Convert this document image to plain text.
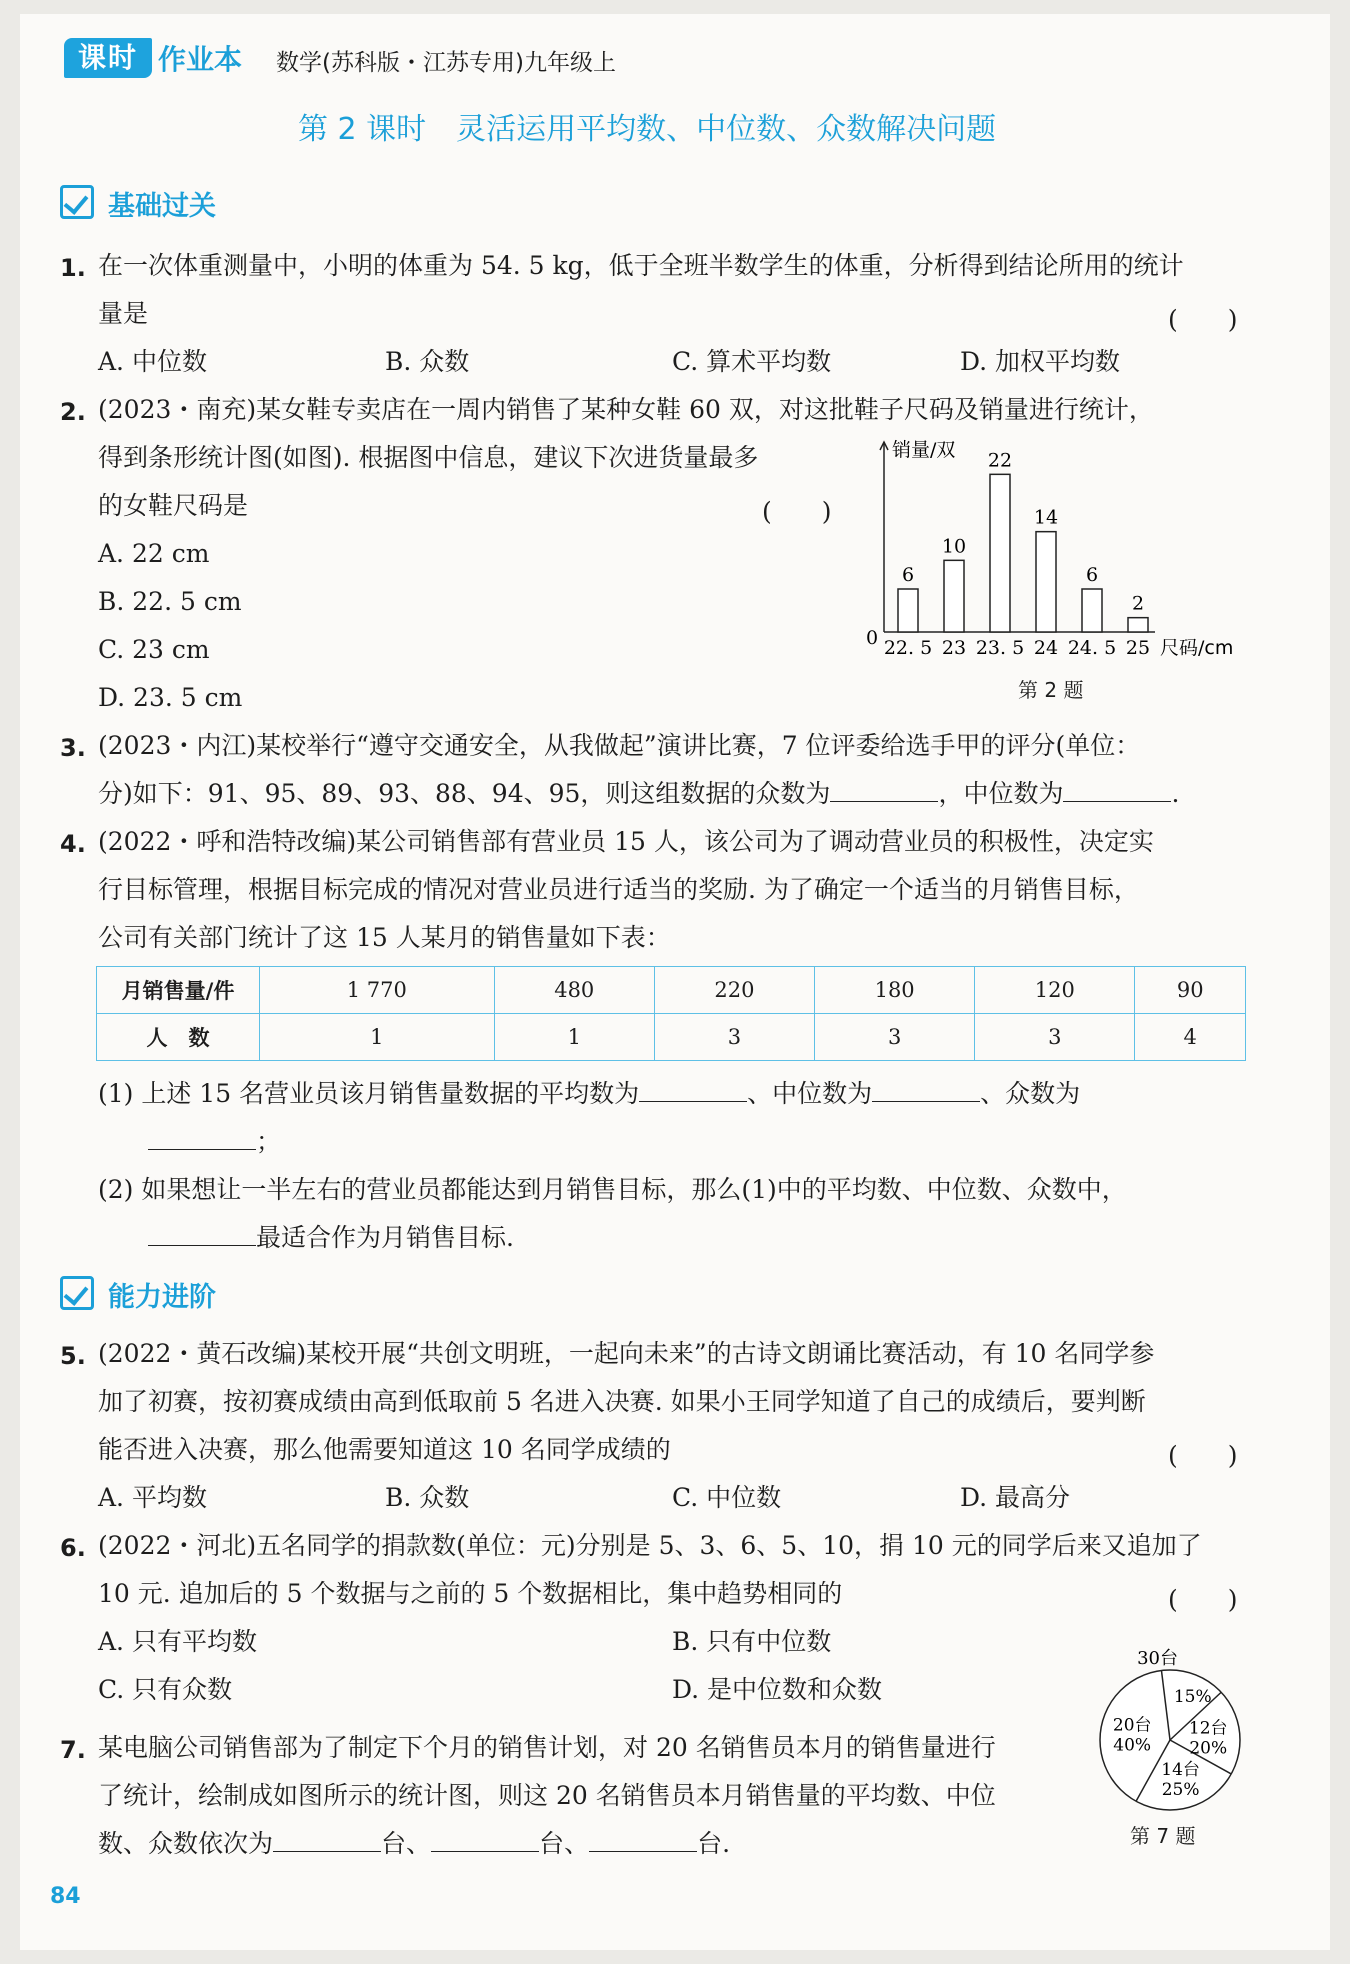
课时 作业本 数学(苏科版・江苏专用)九年级上
第 2 课时　灵活运用平均数、中位数、众数解决问题
基础过关
1. 在一次体重测量中，小明的体重为 54. 5 kg，低于全班半数学生的体重，分析得到结论所用的统计
量是	(　　)
A. 中位数	B. 众数	C. 算术平均数	D. 加权平均数
2. (2023・南充)某女鞋专卖店在一周内销售了某种女鞋 60 双，对这批鞋子尺码及销量进行统计，
得到条形统计图(如图). 根据图中信息，建议下次进货量最多
的女鞋尺码是	(　　)
A. 22 cm
B. 22. 5 cm
C. 23 cm
D. 23. 5 cm
销量/双
0
6
22. 5
10
23
22
23. 5
14
24
6
24. 5
2
25 尺码/cm
第 2 题
3. (2023・内江)某校举行“遵守交通安全，从我做起”演讲比赛，7 位评委给选手甲的评分(单位：
分)如下：91、95、89、93、88、94、95，则这组数据的众数为	，中位数为	.
4. (2022・呼和浩特改编)某公司销售部有营业员 15 人，该公司为了调动营业员的积极性，决定实
行目标管理，根据目标完成的情况对营业员进行适当的奖励. 为了确定一个适当的月销售目标，
公司有关部门统计了这 15 人某月的销售量如下表：
月销售量/件	1 770	480	220	180	120	90
人　数	1	1	3	3	3	4
(1) 上述 15 名营业员该月销售量数据的平均数为	、中位数为	、众数为
；
(2) 如果想让一半左右的营业员都能达到月销售目标，那么(1)中的平均数、中位数、众数中，
最适合作为月销售目标.
能力进阶
5. (2022・黄石改编)某校开展“共创文明班，一起向未来”的古诗文朗诵比赛活动，有 10 名同学参
加了初赛，按初赛成绩由高到低取前 5 名进入决赛. 如果小王同学知道了自己的成绩后，要判断
能否进入决赛，那么他需要知道这 10 名同学成绩的	(　　)
A. 平均数	B. 众数	C. 中位数	D. 最高分
6. (2022・河北)五名同学的捐款数(单位：元)分别是 5、3、6、5、10，捐 10 元的同学后来又追加了
10 元. 追加后的 5 个数据与之前的 5 个数据相比，集中趋势相同的	(　　)
A. 只有平均数	B. 只有中位数
C. 只有众数	D. 是中位数和众数
7. 某电脑公司销售部为了制定下个月的销售计划，对 20 名销售员本月的销售量进行
了统计，绘制成如图所示的统计图，则这 20 名销售员本月销售量的平均数、中位
数、众数依次为	台、	台、	台.
30台
15%
12台
20%
14台
25%
20台
40%
第 7 题
84
